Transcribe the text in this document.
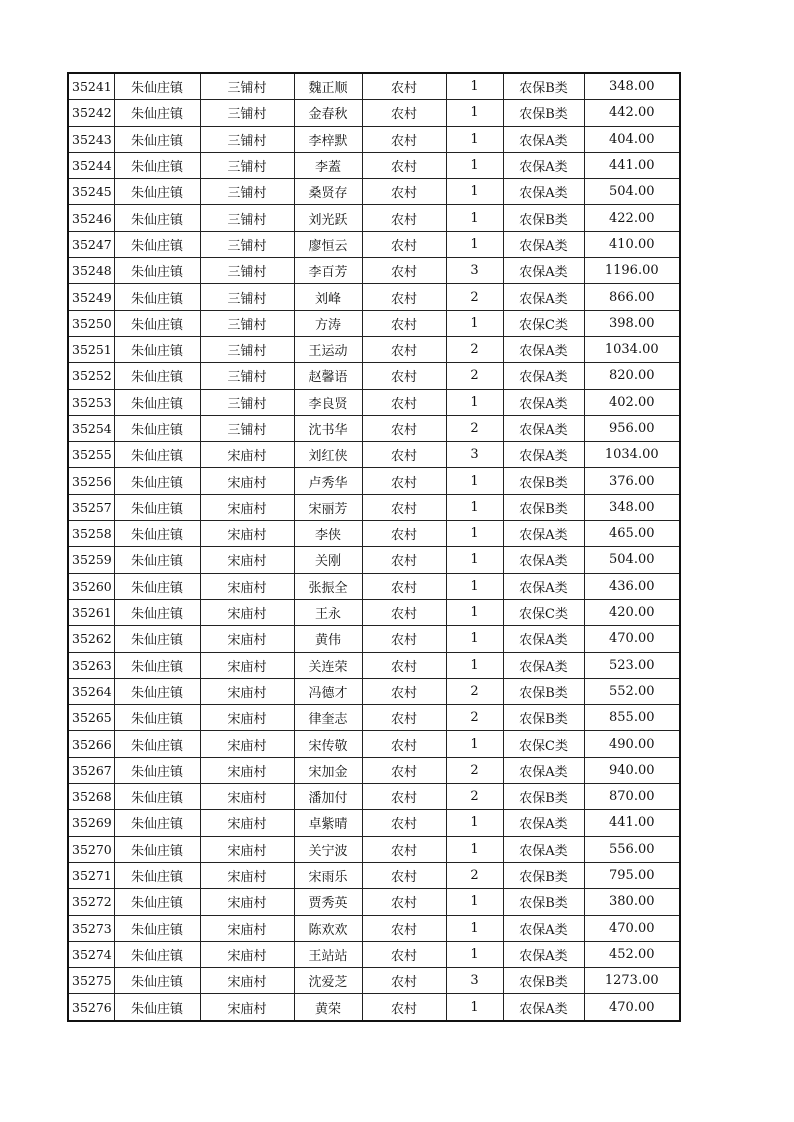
35241	朱仙庄镇	三铺村	魏正顺	农村	1	农保B类	348.00
35242	朱仙庄镇	三铺村	金春秋	农村	1	农保B类	442.00
35243	朱仙庄镇	三铺村	李梓默	农村	1	农保A类	404.00
35244	朱仙庄镇	三铺村	李蓋	农村	1	农保A类	441.00
35245	朱仙庄镇	三铺村	桑贤存	农村	1	农保A类	504.00
35246	朱仙庄镇	三铺村	刘光跃	农村	1	农保B类	422.00
35247	朱仙庄镇	三铺村	廖恒云	农村	1	农保A类	410.00
35248	朱仙庄镇	三铺村	李百芳	农村	3	农保A类	1196.00
35249	朱仙庄镇	三铺村	刘峰	农村	2	农保A类	866.00
35250	朱仙庄镇	三铺村	方涛	农村	1	农保C类	398.00
35251	朱仙庄镇	三铺村	王运动	农村	2	农保A类	1034.00
35252	朱仙庄镇	三铺村	赵馨语	农村	2	农保A类	820.00
35253	朱仙庄镇	三铺村	李良贤	农村	1	农保A类	402.00
35254	朱仙庄镇	三铺村	沈书华	农村	2	农保A类	956.00
35255	朱仙庄镇	宋庙村	刘红侠	农村	3	农保A类	1034.00
35256	朱仙庄镇	宋庙村	卢秀华	农村	1	农保B类	376.00
35257	朱仙庄镇	宋庙村	宋丽芳	农村	1	农保B类	348.00
35258	朱仙庄镇	宋庙村	李侠	农村	1	农保A类	465.00
35259	朱仙庄镇	宋庙村	关刚	农村	1	农保A类	504.00
35260	朱仙庄镇	宋庙村	张振全	农村	1	农保A类	436.00
35261	朱仙庄镇	宋庙村	王永	农村	1	农保C类	420.00
35262	朱仙庄镇	宋庙村	黄伟	农村	1	农保A类	470.00
35263	朱仙庄镇	宋庙村	关连荣	农村	1	农保A类	523.00
35264	朱仙庄镇	宋庙村	冯德才	农村	2	农保B类	552.00
35265	朱仙庄镇	宋庙村	律奎志	农村	2	农保B类	855.00
35266	朱仙庄镇	宋庙村	宋传敬	农村	1	农保C类	490.00
35267	朱仙庄镇	宋庙村	宋加金	农村	2	农保A类	940.00
35268	朱仙庄镇	宋庙村	潘加付	农村	2	农保B类	870.00
35269	朱仙庄镇	宋庙村	卓紫晴	农村	1	农保A类	441.00
35270	朱仙庄镇	宋庙村	关宁波	农村	1	农保A类	556.00
35271	朱仙庄镇	宋庙村	宋雨乐	农村	2	农保B类	795.00
35272	朱仙庄镇	宋庙村	贾秀英	农村	1	农保B类	380.00
35273	朱仙庄镇	宋庙村	陈欢欢	农村	1	农保A类	470.00
35274	朱仙庄镇	宋庙村	王站站	农村	1	农保A类	452.00
35275	朱仙庄镇	宋庙村	沈爱芝	农村	3	农保B类	1273.00
35276	朱仙庄镇	宋庙村	黄荣	农村	1	农保A类	470.00
